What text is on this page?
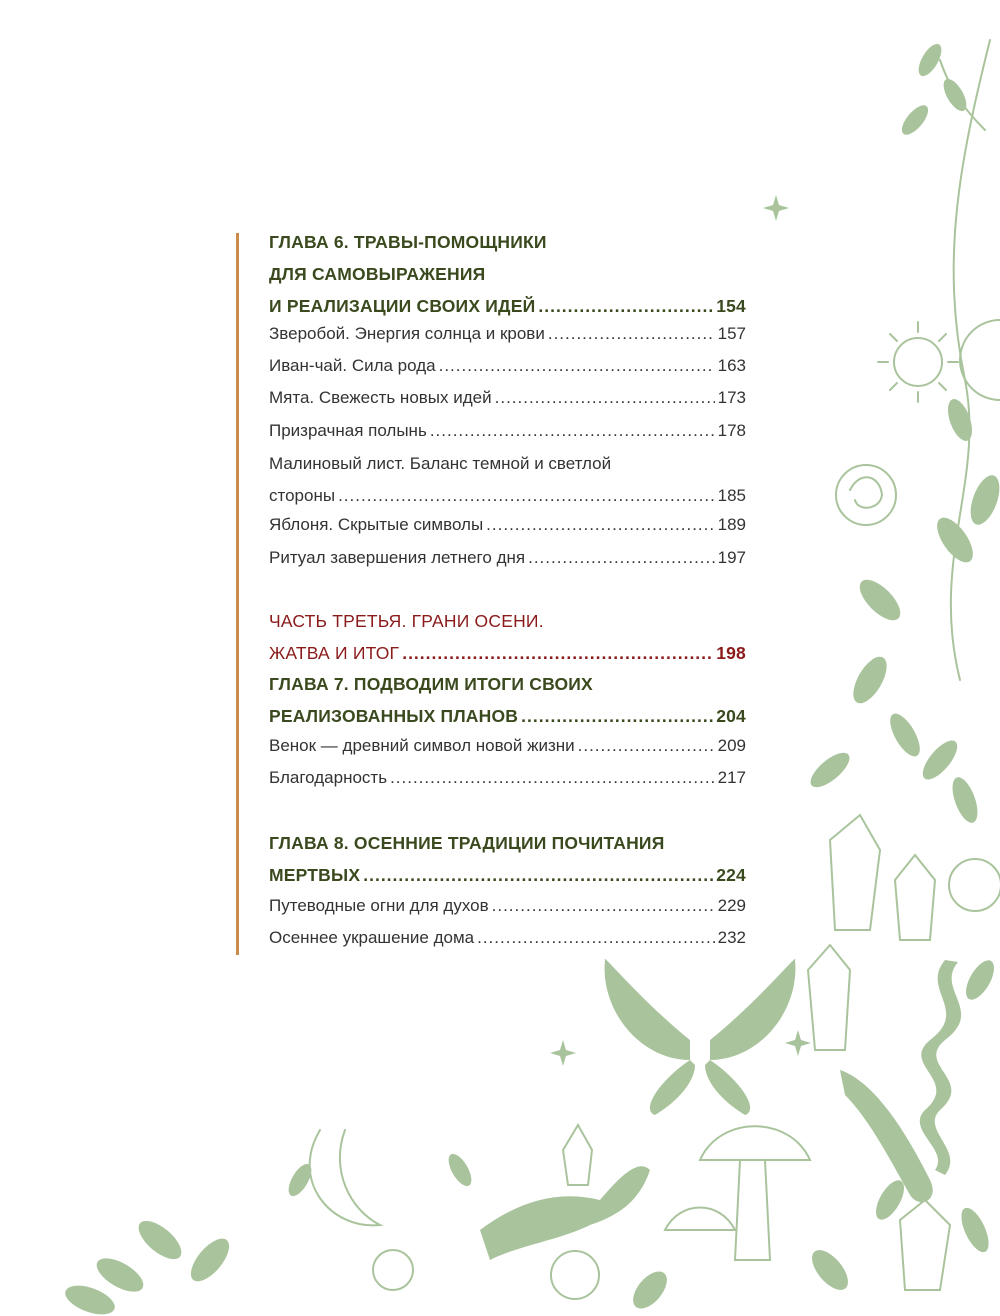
ГЛАВА 6. ТРАВЫ-ПОМОЩНИКИ
ДЛЯ САМОВЫРАЖЕНИЯ
И РЕАЛИЗАЦИИ СВОИХ ИДЕЙ .....	154
Зверобой. Энергия солнца и крови .....	157
Иван-чай. Сила рода .....	163
Мята. Свежесть новых идей .....	173
Призрачная полынь .....	178
Малиновый лист. Баланс темной и светлой
стороны .....	185
Яблоня. Скрытые символы .....	189
Ритуал завершения летнего дня .....	197
ЧАСТЬ ТРЕТЬЯ. ГРАНИ ОСЕНИ.
ЖАТВА И ИТОГ .....	198
ГЛАВА 7. ПОДВОДИМ ИТОГИ СВОИХ
РЕАЛИЗОВАННЫХ ПЛАНОВ .....	204
Венок — древний символ новой жизни .....	209
Благодарность .....	217
ГЛАВА 8. ОСЕННИЕ ТРАДИЦИИ ПОЧИТАНИЯ
МЕРТВЫХ .....	224
Путеводные огни для духов .....	229
Осеннее украшение дома .....	232
